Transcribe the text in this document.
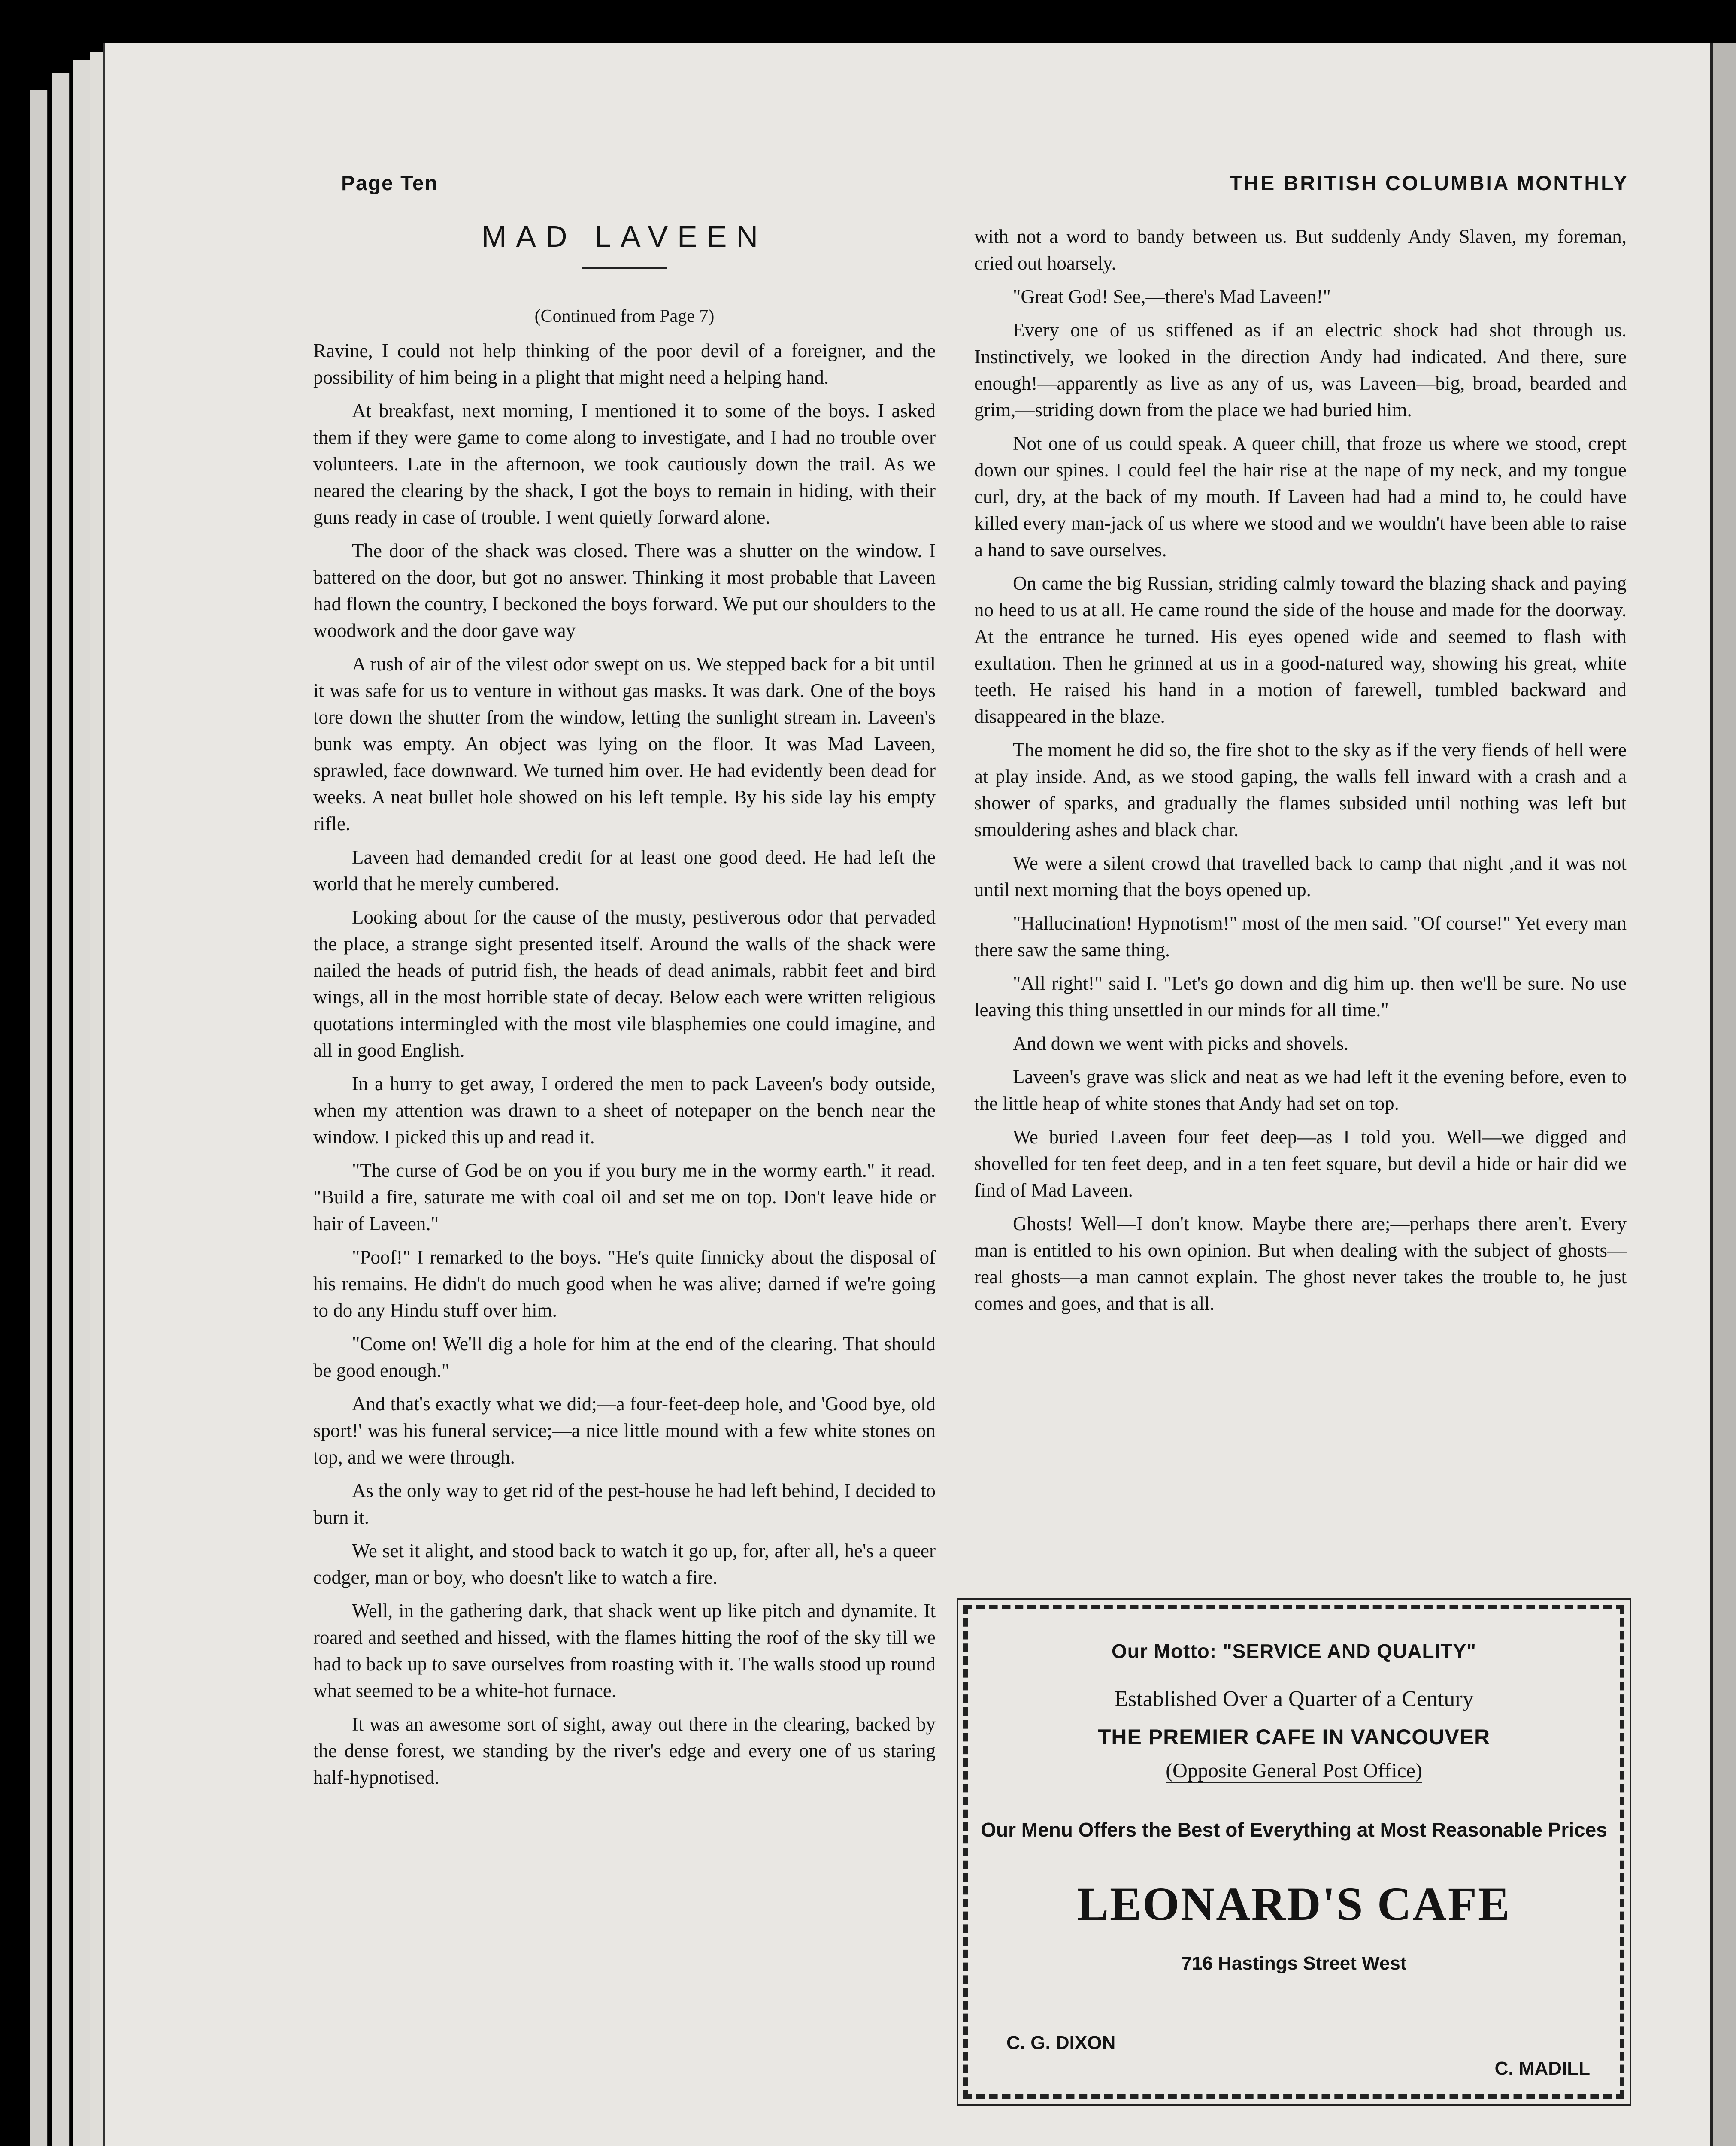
Page Ten	THE BRITISH COLUMBIA MONTHLY
MAD LAVEEN
(Continued from Page 7)

Ravine, I could not help thinking of the poor devil of a foreigner, and the possibility of him being in a plight that might need a helping hand.

At breakfast, next morning, I mentioned it to some of the boys. I asked them if they were game to come along to investigate, and I had no trouble over volunteers. Late in the afternoon, we took cautiously down the trail. As we neared the clearing by the shack, I got the boys to remain in hiding, with their guns ready in case of trouble. I went quietly forward alone.

The door of the shack was closed. There was a shutter on the window. I battered on the door, but got no answer. Thinking it most probable that Laveen had flown the country, I beckoned the boys forward. We put our shoulders to the woodwork and the door gave way

A rush of air of the vilest odor swept on us. We stepped back for a bit until it was safe for us to venture in without gas masks. It was dark. One of the boys tore down the shutter from the window, letting the sunlight stream in. Laveen's bunk was empty. An object was lying on the floor. It was Mad Laveen, sprawled, face downward. We turned him over. He had evidently been dead for weeks. A neat bullet hole showed on his left temple. By his side lay his empty rifle.

Laveen had demanded credit for at least one good deed. He had left the world that he merely cumbered.

Looking about for the cause of the musty, pestiverous odor that pervaded the place, a strange sight presented itself. Around the walls of the shack were nailed the heads of putrid fish, the heads of dead animals, rabbit feet and bird wings, all in the most horrible state of decay. Below each were written religious quotations intermingled with the most vile blasphemies one could imagine, and all in good English.

In a hurry to get away, I ordered the men to pack Laveen's body outside, when my attention was drawn to a sheet of notepaper on the bench near the window. I picked this up and read it.

"The curse of God be on you if you bury me in the wormy earth." it read. "Build a fire, saturate me with coal oil and set me on top. Don't leave hide or hair of Laveen."

"Poof!" I remarked to the boys. "He's quite finnicky about the disposal of his remains. He didn't do much good when he was alive; darned if we're going to do any Hindu stuff over him.

"Come on! We'll dig a hole for him at the end of the clearing. That should be good enough."

And that's exactly what we did;—a four-feet-deep hole, and 'Good bye, old sport!' was his funeral service;—a nice little mound with a few white stones on top, and we were through.

As the only way to get rid of the pest-house he had left behind, I decided to burn it.

We set it alight, and stood back to watch it go up, for, after all, he's a queer codger, man or boy, who doesn't like to watch a fire.

Well, in the gathering dark, that shack went up like pitch and dynamite. It roared and seethed and hissed, with the flames hitting the roof of the sky till we had to back up to save ourselves from roasting with it. The walls stood up round what seemed to be a white-hot furnace.

It was an awesome sort of sight, away out there in the clearing, backed by the dense forest, we standing by the river's edge and every one of us staring half-hypnotised.

with not a word to bandy between us. But suddenly Andy Slaven, my foreman, cried out hoarsely.

"Great God! See,—there's Mad Laveen!"

Every one of us stiffened as if an electric shock had shot through us. Instinctively, we looked in the direction Andy had indicated. And there, sure enough!—apparently as live as any of us, was Laveen—big, broad, bearded and grim,—striding down from the place we had buried him.

Not one of us could speak. A queer chill, that froze us where we stood, crept down our spines. I could feel the hair rise at the nape of my neck, and my tongue curl, dry, at the back of my mouth. If Laveen had had a mind to, he could have killed every man-jack of us where we stood and we wouldn't have been able to raise a hand to save ourselves.

On came the big Russian, striding calmly toward the blazing shack and paying no heed to us at all. He came round the side of the house and made for the doorway. At the entrance he turned. His eyes opened wide and seemed to flash with exultation. Then he grinned at us in a good-natured way, showing his great, white teeth. He raised his hand in a motion of farewell, tumbled backward and disappeared in the blaze.

The moment he did so, the fire shot to the sky as if the very fiends of hell were at play inside. And, as we stood gaping, the walls fell inward with a crash and a shower of sparks, and gradually the flames subsided until nothing was left but smouldering ashes and black char.

We were a silent crowd that travelled back to camp that night ,and it was not until next morning that the boys opened up.

"Hallucination! Hypnotism!" most of the men said. "Of course!" Yet every man there saw the same thing.

"All right!" said I. "Let's go down and dig him up. then we'll be sure. No use leaving this thing unsettled in our minds for all time."

And down we went with picks and shovels.

Laveen's grave was slick and neat as we had left it the evening before, even to the little heap of white stones that Andy had set on top.

We buried Laveen four feet deep—as I told you. Well—we digged and shovelled for ten feet deep, and in a ten feet square, but devil a hide or hair did we find of Mad Laveen.

Ghosts! Well—I don't know. Maybe there are;—perhaps there aren't. Every man is entitled to his own opinion. But when dealing with the subject of ghosts—real ghosts—a man cannot explain. The ghost never takes the trouble to, he just comes and goes, and that is all.

Our Motto: "SERVICE AND QUALITY"
Established Over a Quarter of a Century
THE PREMIER CAFE IN VANCOUVER
(Opposite General Post Office)
Our Menu Offers the Best of Everything at Most Reasonable Prices
LEONARD'S CAFE
716 Hastings Street West
C. G. DIXON
C. MADILL
